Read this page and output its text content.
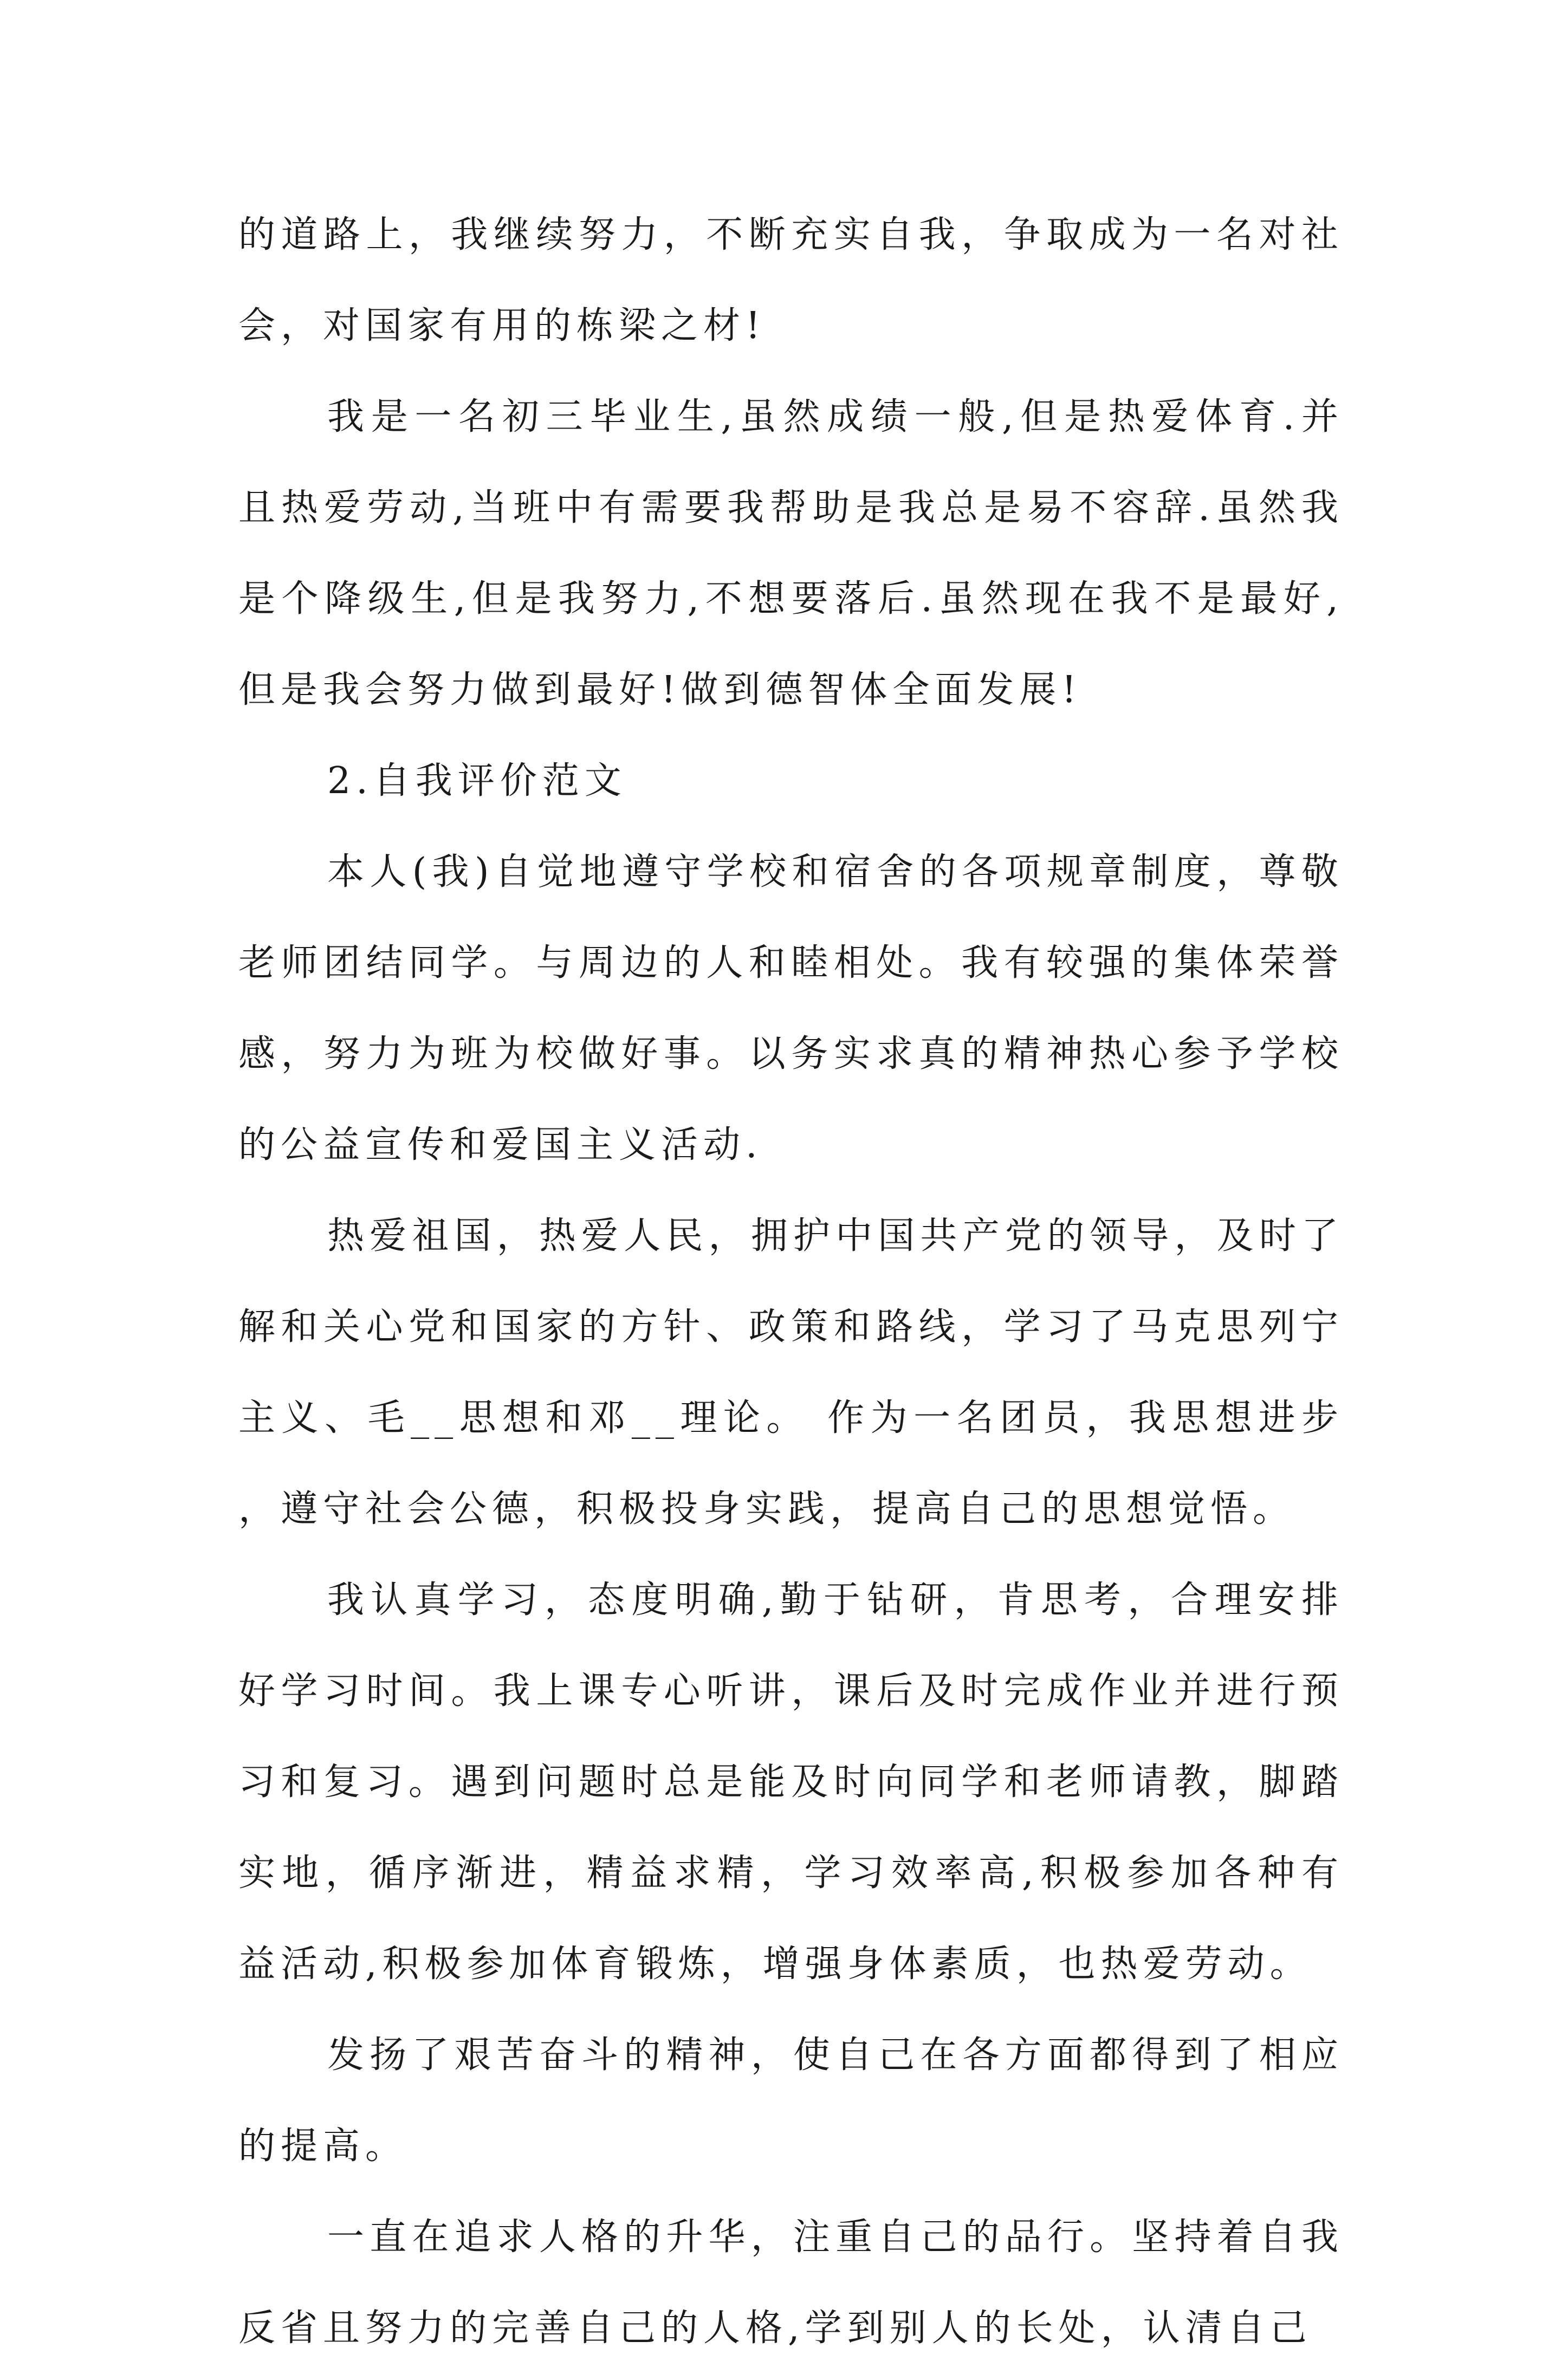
的道路上，我继续努力，不断充实自我，争取成为一名对社会，对国家有用的栋梁之材!

我是一名初三毕业生,虽然成绩一般,但是热爱体育.并且热爱劳动,当班中有需要我帮助是我总是易不容辞.虽然我是个降级生,但是我努力,不想要落后.虽然现在我不是最好,但是我会努力做到最好!做到德智体全面发展!

2.自我评价范文

本人(我)自觉地遵守学校和宿舍的各项规章制度，尊敬老师团结同学。与周边的人和睦相处。我有较强的集体荣誉感，努力为班为校做好事。以务实求真的精神热心参予学校的公益宣传和爱国主义活动.

热爱祖国，热爱人民，拥护中国共产党的领导，及时了解和关心党和国家的方针、政策和路线，学习了马克思列宁主义、毛__思想和邓__理论。 作为一名团员，我思想进步，遵守社会公德，积极投身实践，提高自己的思想觉悟。

我认真学习，态度明确,勤于钻研，肯思考，合理安排好学习时间。我上课专心听讲，课后及时完成作业并进行预习和复习。遇到问题时总是能及时向同学和老师请教，脚踏实地，循序渐进，精益求精，学习效率高,积极参加各种有益活动,积极参加体育锻炼，增强身体素质，也热爱劳动。

发扬了艰苦奋斗的精神，使自己在各方面都得到了相应的提高。

一直在追求人格的升华，注重自己的品行。坚持着自我反省且努力的完善自己的人格,学到别人的长处，认清自己
